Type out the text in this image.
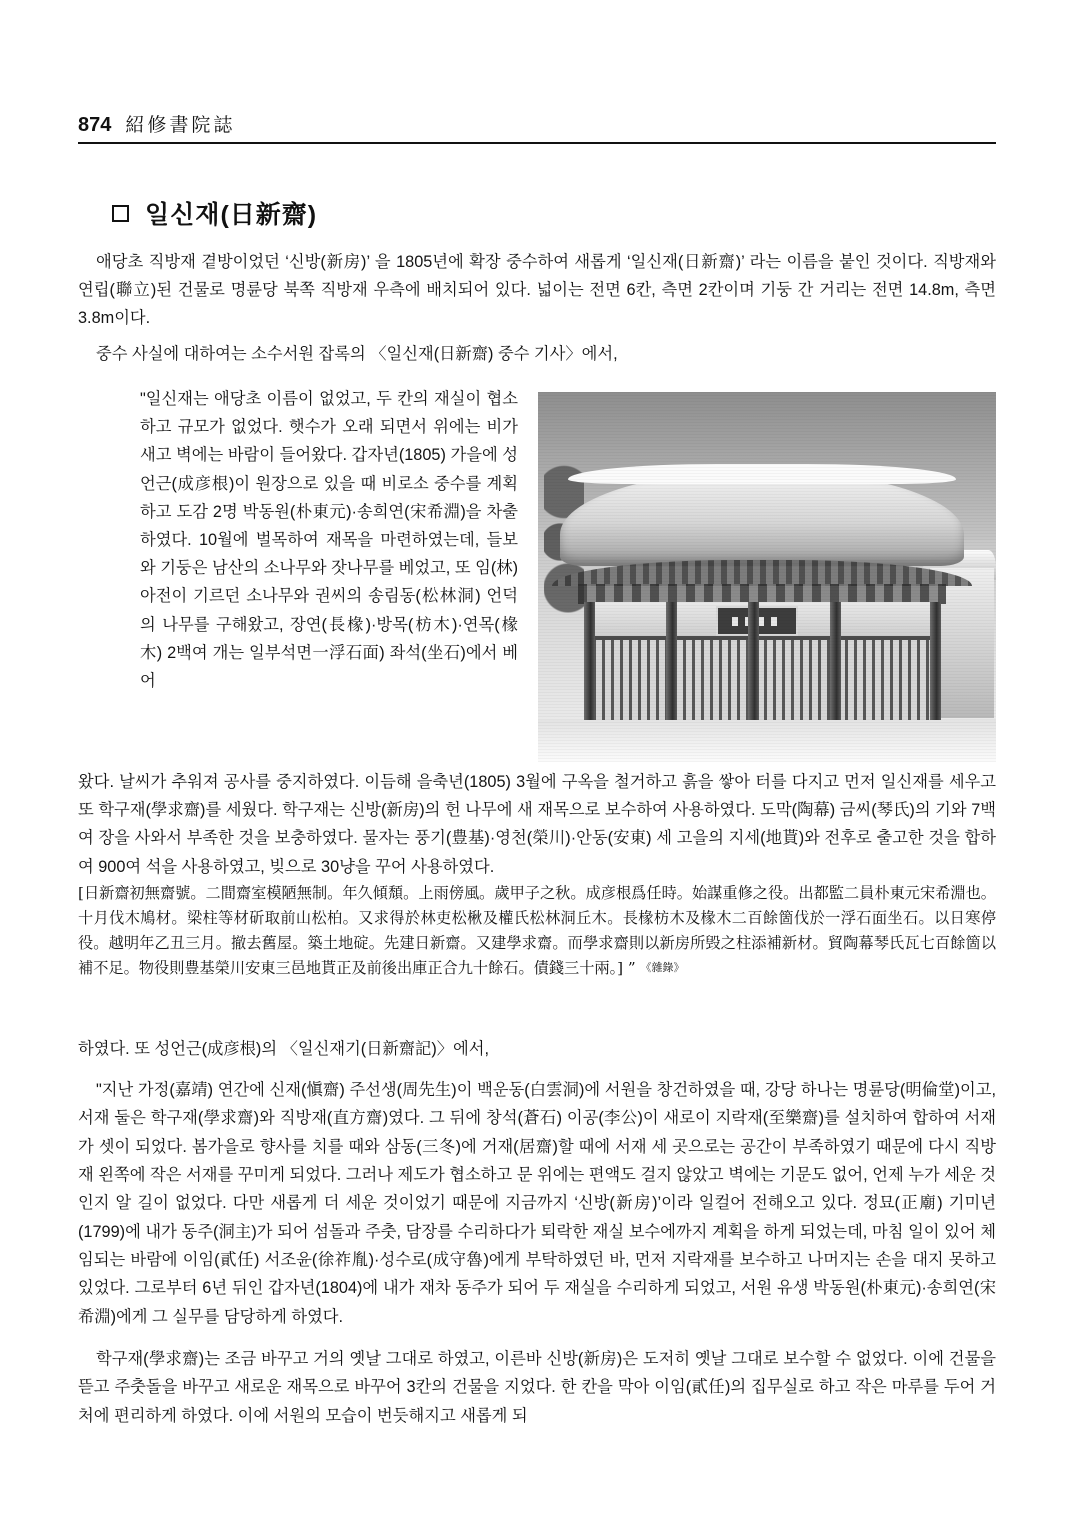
874 紹修書院誌
일신재(日新齋)
애당초 직방재 곁방이었던 ‘신방(新房)’ 을 1805년에 확장 중수하여 새롭게 ‘일신재(日新齋)’ 라는 이름을 붙인 것이다. 직방재와 연립(聯立)된 건물로 명륜당 북쪽 직방재 우측에 배치되어 있다. 넓이는 전면 6칸, 측면 2칸이며 기둥 간 거리는 전면 14.8m, 측면 3.8m이다.
중수 사실에 대하여는 소수서원 잡록의 〈일신재(日新齋) 중수 기사〉에서,
"일신재는 애당초 이름이 없었고, 두 칸의 재실이 협소하고 규모가 없었다. 햇수가 오래 되면서 위에는 비가 새고 벽에는 바람이 들어왔다. 갑자년(1805) 가을에 성언근(成彦根)이 원장으로 있을 때 비로소 중수를 계획하고 도감 2명 박동원(朴東元)·송희연(宋希淵)을 차출하였다. 10월에 벌목하여 재목을 마련하였는데, 들보와 기둥은 남산의 소나무와 잣나무를 베었고, 또 임(林) 아전이 기르던 소나무와 권씨의 송림동(松林洞) 언덕의 나무를 구해왔고, 장연(長椽)·방목(枋木)·연목(椽木) 2백여 개는 일부석면一浮石面) 좌석(坐石)에서 베어
왔다. 날씨가 추워져 공사를 중지하였다. 이듬해 을축년(1805) 3월에 구옥을 철거하고 흙을 쌓아 터를 다지고 먼저 일신재를 세우고 또 학구재(學求齋)를 세웠다. 학구재는 신방(新房)의 헌 나무에 새 재목으로 보수하여 사용하였다. 도막(陶幕) 금씨(琴氏)의 기와 7백여 장을 사와서 부족한 것을 보충하였다. 물자는 풍기(豊基)·영천(榮川)·안동(安東) 세 고을의 지세(地貰)와 전후로 출고한 것을 합하여 900여 석을 사용하였고, 빚으로 30냥을 꾸어 사용하였다.
[日新齋初無齋號。二間齋室模陋無制。年久傾頹。上雨傍風。歲甲子之秋。成彦根爲任時。始謀重修之役。出都監二員朴東元宋希淵也。十月伐木鳩材。梁柱等材斫取前山松柏。又求得於林吏松楸及權氏松林洞丘木。長椽枋木及椽木二百餘箇伐於一浮石面坐石。以日寒停役。越明年乙丑三月。撤去舊屋。築土地碇。先建日新齋。又建學求齋。而學求齋則以新房所毁之柱添補新材。貿陶幕琴氏瓦七百餘箇以補不足。物役則豊基榮川安東三邑地貰正及前後出庫正合九十餘石。債錢三十兩。] ” 《雜錄》
하였다. 또 성언근(成彦根)의 〈일신재기(日新齋記)〉에서,
"지난 가정(嘉靖) 연간에 신재(愼齋) 주선생(周先生)이 백운동(白雲洞)에 서원을 창건하였을 때, 강당 하나는 명륜당(明倫堂)이고, 서재 둘은 학구재(學求齋)와 직방재(直方齋)였다. 그 뒤에 창석(蒼石) 이공(李公)이 새로이 지락재(至樂齋)를 설치하여 합하여 서재가 셋이 되었다. 봄가을로 향사를 치를 때와 삼동(三冬)에 거재(居齋)할 때에 서재 세 곳으로는 공간이 부족하였기 때문에 다시 직방재 왼쪽에 작은 서재를 꾸미게 되었다. 그러나 제도가 협소하고 문 위에는 편액도 걸지 않았고 벽에는 기문도 없어, 언제 누가 세운 것인지 알 길이 없었다. 다만 새롭게 더 세운 것이었기 때문에 지금까지 ‘신방(新房)’이라 일컬어 전해오고 있다. 정묘(正廟) 기미년(1799)에 내가 동주(洞主)가 되어 섬돌과 주춧, 담장를 수리하다가 퇴락한 재실 보수에까지 계획을 하게 되었는데, 마침 일이 있어 체임되는 바람에 이임(貳任) 서조윤(徐祚胤)·성수로(成守魯)에게 부탁하였던 바, 먼저 지락재를 보수하고 나머지는 손을 대지 못하고 있었다. 그로부터 6년 뒤인 갑자년(1804)에 내가 재차 동주가 되어 두 재실을 수리하게 되었고, 서원 유생 박동원(朴東元)·송희연(宋希淵)에게 그 실무를 담당하게 하였다.
학구재(學求齋)는 조금 바꾸고 거의 옛날 그대로 하였고, 이른바 신방(新房)은 도저히 옛날 그대로 보수할 수 없었다. 이에 건물을 뜯고 주춧돌을 바꾸고 새로운 재목으로 바꾸어 3칸의 건물을 지었다. 한 칸을 막아 이임(貳任)의 집무실로 하고 작은 마루를 두어 거처에 편리하게 하였다. 이에 서원의 모습이 번듯해지고 새롭게 되
